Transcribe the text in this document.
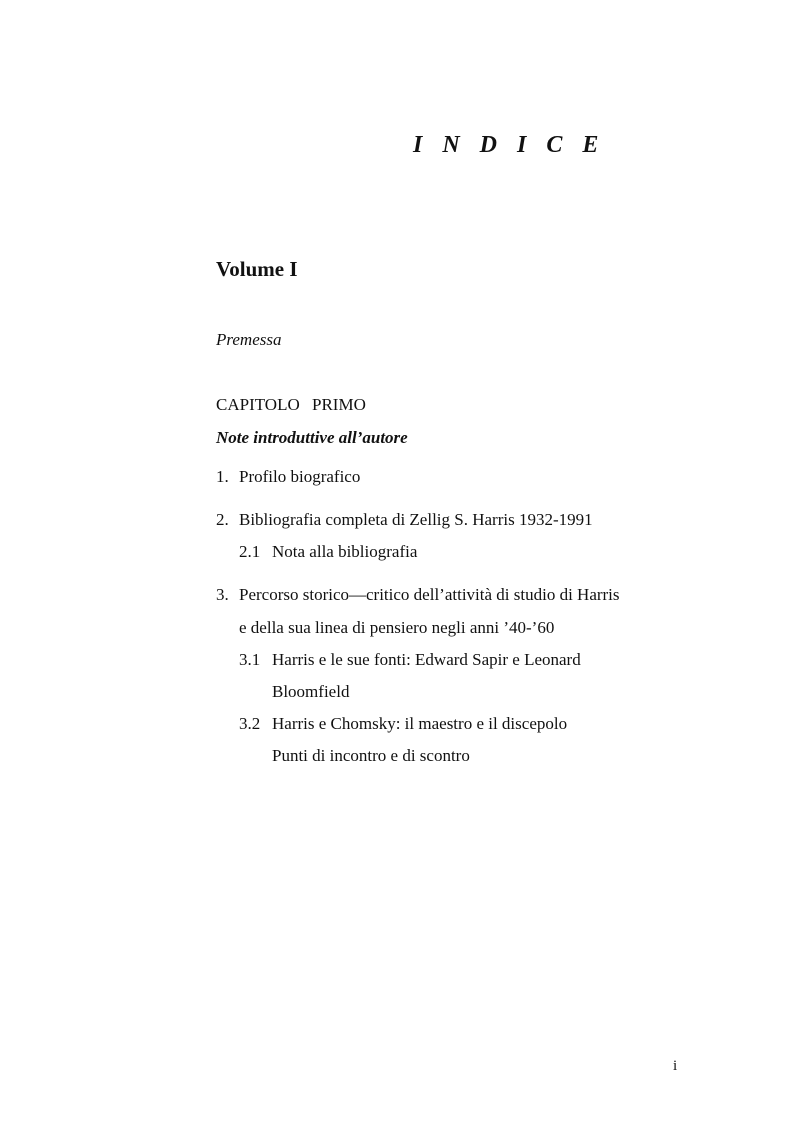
I N D I C E
Volume I
Premessa
CAPITOLO PRIMO
Note introduttive all’autore
1. Profilo biografico
2. Bibliografia completa di Zellig S. Harris 1932-1991
2.1 Nota alla bibliografia
3. Percorso storico—critico dell’attività di studio di Harris
e della sua linea di pensiero negli anni ’40-’60
3.1 Harris e le sue fonti: Edward Sapir e Leonard
Bloomfield
3.2 Harris e Chomsky: il maestro e il discepolo
Punti di incontro e di scontro
i
